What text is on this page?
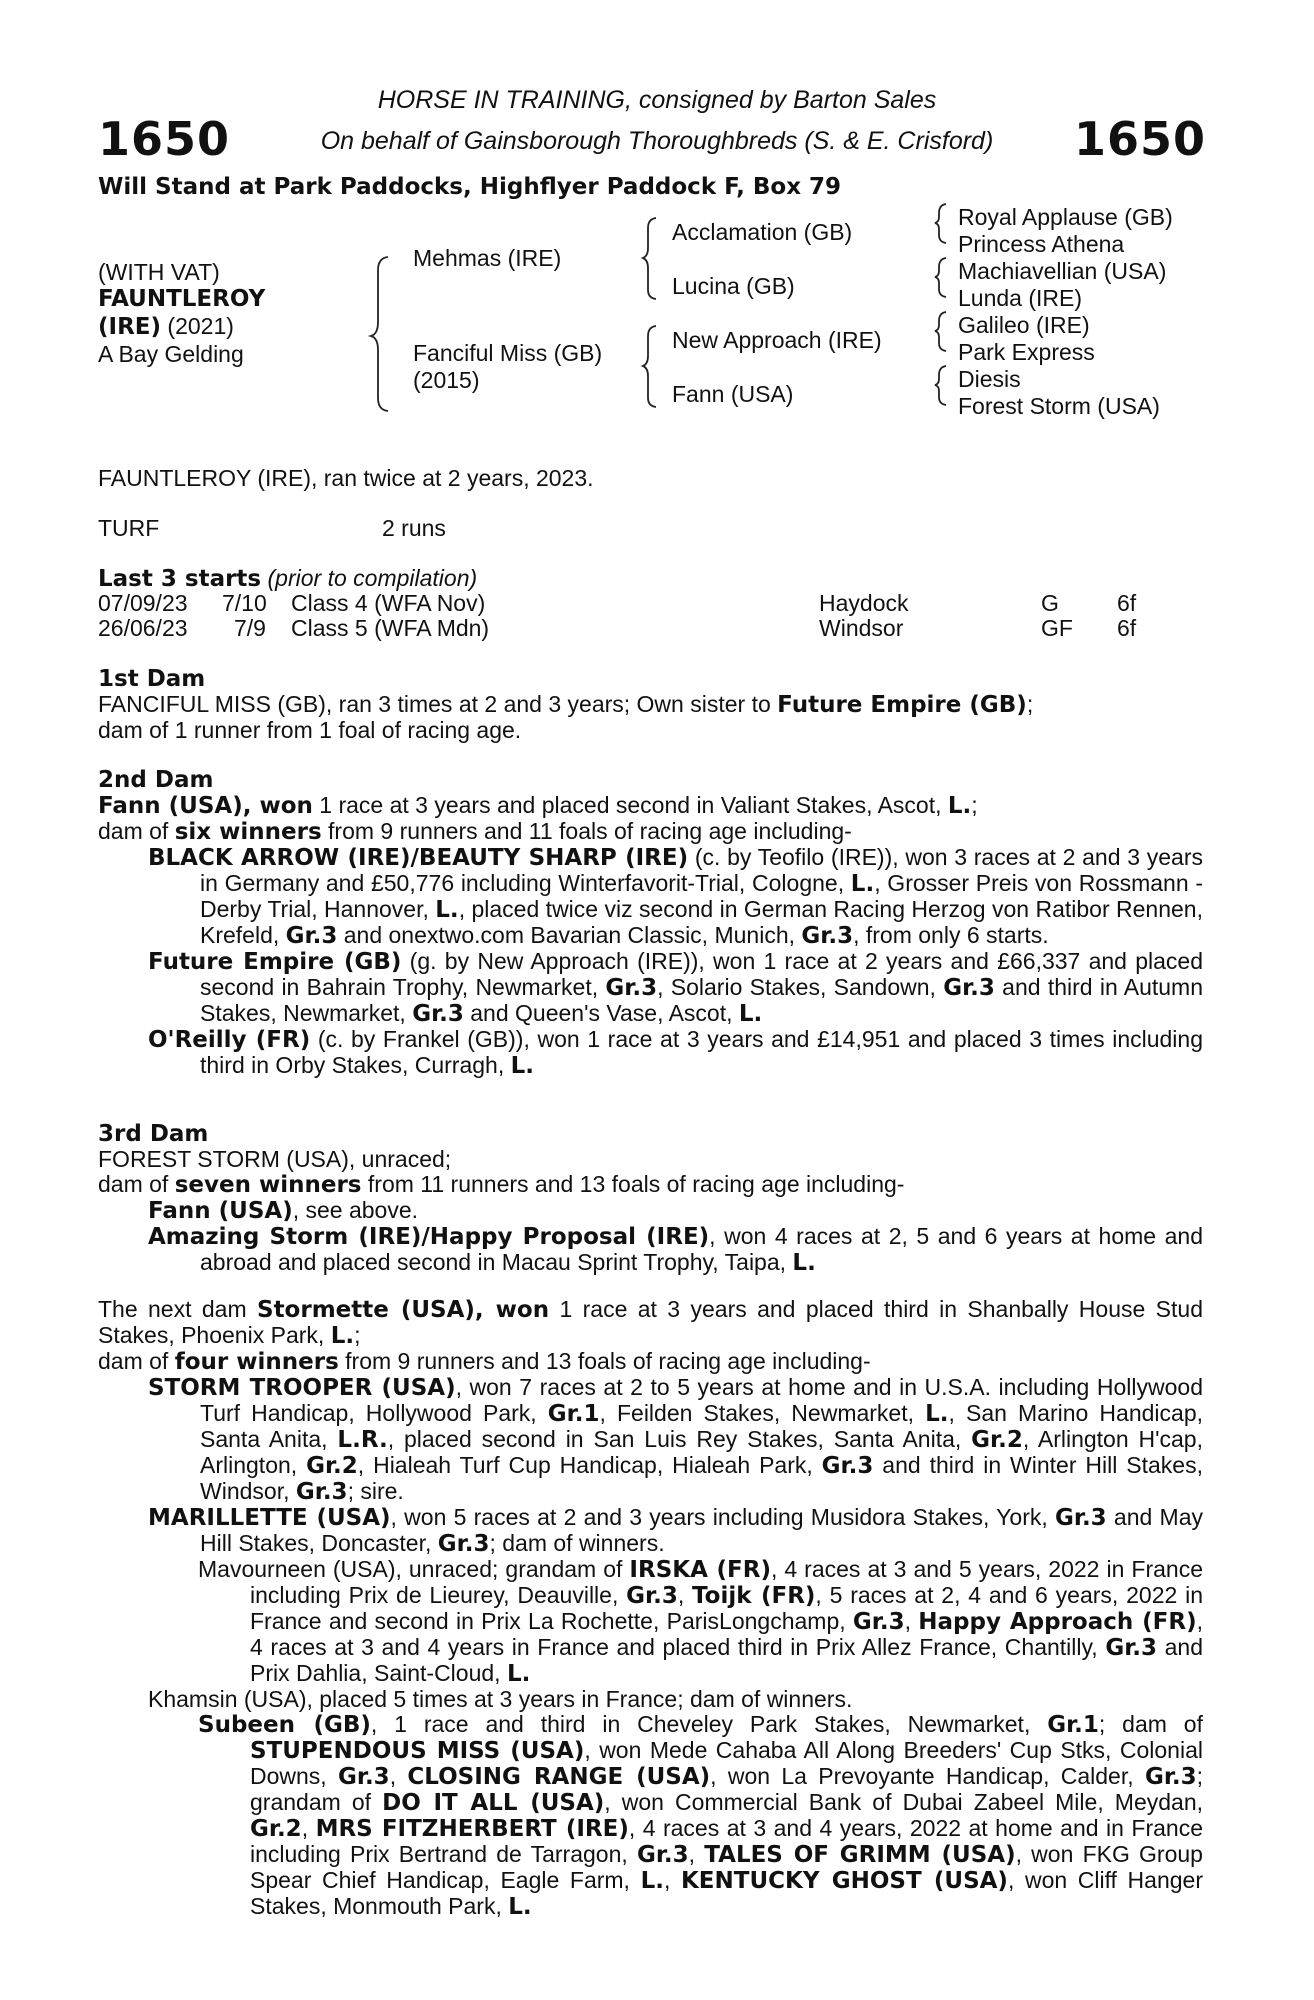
1650	1650
HORSE IN TRAINING, consigned by Barton Sales
On behalf of Gainsborough Thoroughbreds (S. & E. Crisford)
Will Stand at Park Paddocks, Highflyer Paddock F, Box 79
(WITH VAT)
FAUNTLEROY
(IRE) (2021)
A Bay Gelding
Mehmas (IRE)
Fanciful Miss (GB)
(2015)
Acclamation (GB)
Lucina (GB)
New Approach (IRE)
Fann (USA)
Royal Applause (GB)
Princess Athena
Machiavellian (USA)
Lunda (IRE)
Galileo (IRE)
Park Express
Diesis
Forest Storm (USA)
FAUNTLEROY (IRE), ran twice at 2 years, 2023.
TURF	2 runs
Last 3 starts (prior to compilation)
07/09/23 7/10 Class 4 (WFA Nov)	Haydock	G	6f
26/06/23 7/9 Class 5 (WFA Mdn)	Windsor	GF 6f

1st Dam

FANCIFUL MISS (GB), ran 3 times at 2 and 3 years; Own sister to Future Empire (GB);

dam of 1 runner from 1 foal of racing age.

2nd Dam

Fann (USA), won 1 race at 3 years and placed second in Valiant Stakes, Ascot, L.;

dam of six winners from 9 runners and 11 foals of racing age including-

BLACK ARROW (IRE)/BEAUTY SHARP (IRE) (c. by Teofilo (IRE)), won 3 races at 2 and 3 years in Germany and £50,776 including Winterfavorit-Trial, Cologne, L., Grosser Preis von Rossmann - Derby Trial, Hannover, L., placed twice viz second in German Racing Herzog von Ratibor Rennen, Krefeld, Gr.3 and onextwo.com Bavarian Classic, Munich, Gr.3, from only 6 starts.

Future Empire (GB) (g. by New Approach (IRE)), won 1 race at 2 years and £66,337 and placed second in Bahrain Trophy, Newmarket, Gr.3, Solario Stakes, Sandown, Gr.3 and third in Autumn Stakes, Newmarket, Gr.3 and Queen's Vase, Ascot, L.

O'Reilly (FR) (c. by Frankel (GB)), won 1 race at 3 years and £14,951 and placed 3 times including third in Orby Stakes, Curragh, L.

3rd Dam

FOREST STORM (USA), unraced;

dam of seven winners from 11 runners and 13 foals of racing age including-

Fann (USA), see above.

Amazing Storm (IRE)/Happy Proposal (IRE), won 4 races at 2, 5 and 6 years at home and abroad and placed second in Macau Sprint Trophy, Taipa, L.

The next dam Stormette (USA), won 1 race at 3 years and placed third in Shanbally House Stud Stakes, Phoenix Park, L.;

dam of four winners from 9 runners and 13 foals of racing age including-

STORM TROOPER (USA), won 7 races at 2 to 5 years at home and in U.S.A. including Hollywood Turf Handicap, Hollywood Park, Gr.1, Feilden Stakes, Newmarket, L., San Marino Handicap, Santa Anita, L.R., placed second in San Luis Rey Stakes, Santa Anita, Gr.2, Arlington H'cap, Arlington, Gr.2, Hialeah Turf Cup Handicap, Hialeah Park, Gr.3 and third in Winter Hill Stakes, Windsor, Gr.3; sire.

MARILLETTE (USA), won 5 races at 2 and 3 years including Musidora Stakes, York, Gr.3 and May Hill Stakes, Doncaster, Gr.3; dam of winners.

Mavourneen (USA), unraced; grandam of IRSKA (FR), 4 races at 3 and 5 years, 2022 in France including Prix de Lieurey, Deauville, Gr.3, Toijk (FR), 5 races at 2, 4 and 6 years, 2022 in France and second in Prix La Rochette, ParisLongchamp, Gr.3, Happy Approach (FR), 4 races at 3 and 4 years in France and placed third in Prix Allez France, Chantilly, Gr.3 and Prix Dahlia, Saint-Cloud, L.

Khamsin (USA), placed 5 times at 3 years in France; dam of winners.

Subeen (GB), 1 race and third in Cheveley Park Stakes, Newmarket, Gr.1; dam of STUPENDOUS MISS (USA), won Mede Cahaba All Along Breeders' Cup Stks, Colonial Downs, Gr.3, CLOSING RANGE (USA), won La Prevoyante Handicap, Calder, Gr.3; grandam of DO IT ALL (USA), won Commercial Bank of Dubai Zabeel Mile, Meydan, Gr.2, MRS FITZHERBERT (IRE), 4 races at 3 and 4 years, 2022 at home and in France including Prix Bertrand de Tarragon, Gr.3, TALES OF GRIMM (USA), won FKG Group Spear Chief Handicap, Eagle Farm, L., KENTUCKY GHOST (USA), won Cliff Hanger Stakes, Monmouth Park, L.
